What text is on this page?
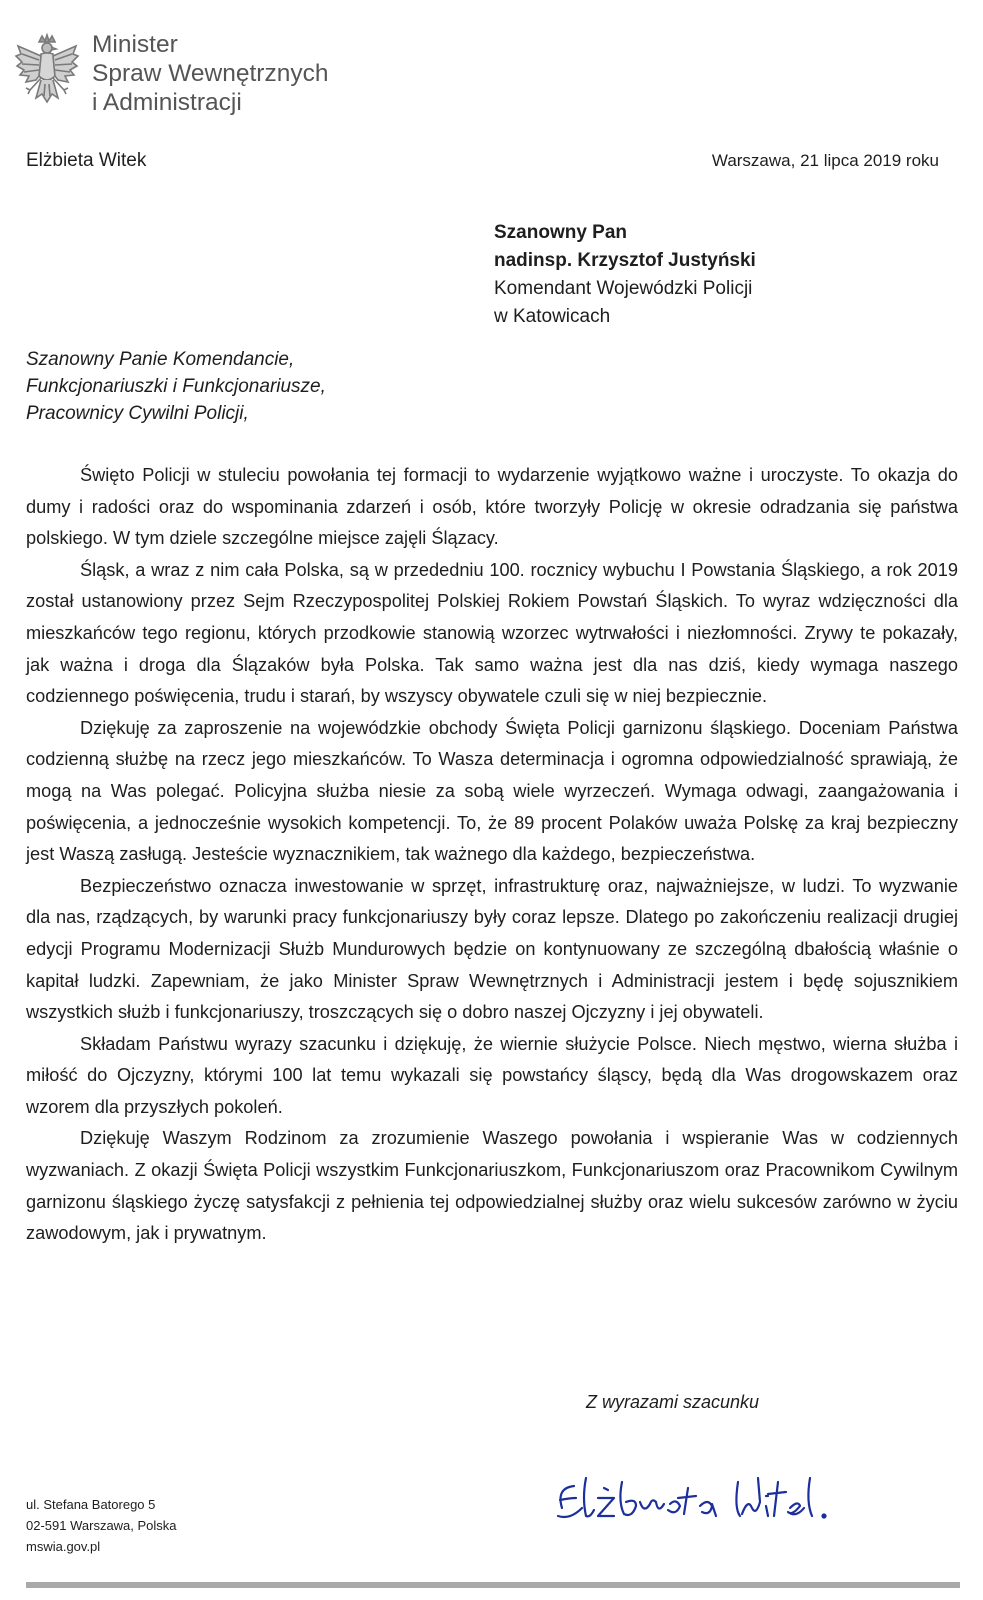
Minister
Spraw Wewnętrznych
i Administracji
Elżbieta Witek	Warszawa, 21 lipca 2019 roku
Szanowny Pan
nadinsp. Krzysztof Justyński
Komendant Wojewódzki Policji
w Katowicach
Szanowny Panie Komendancie,
Funkcjonariuszki i Funkcjonariusze,
Pracownicy Cywilni Policji,

Święto Policji w stuleciu powołania tej formacji to wydarzenie wyjątkowo ważne i uroczyste. To okazja do dumy i radości oraz do wspominania zdarzeń i osób, które tworzyły Policję w okresie odradzania się państwa polskiego. W tym dziele szczególne miejsce zajęli Ślązacy.

Śląsk, a wraz z nim cała Polska, są w przededniu 100. rocznicy wybuchu I Powstania Śląskiego, a rok 2019 został ustanowiony przez Sejm Rzeczypospolitej Polskiej Rokiem Powstań Śląskich. To wyraz wdzięczności dla mieszkańców tego regionu, których przodkowie stanowią wzorzec wytrwałości i niezłomności. Zrywy te pokazały, jak ważna i droga dla Ślązaków była Polska. Tak samo ważna jest dla nas dziś, kiedy wymaga naszego codziennego poświęcenia, trudu i starań, by wszyscy obywatele czuli się w niej bezpiecznie.

Dziękuję za zaproszenie na wojewódzkie obchody Święta Policji garnizonu śląskiego. Doceniam Państwa codzienną służbę na rzecz jego mieszkańców. To Wasza determinacja i ogromna odpowiedzialność sprawiają, że mogą na Was polegać. Policyjna służba niesie za sobą wiele wyrzeczeń. Wymaga odwagi, zaangażowania i poświęcenia, a jednocześnie wysokich kompetencji. To, że 89 procent Polaków uważa Polskę za kraj bezpieczny jest Waszą zasługą. Jesteście wyznacznikiem, tak ważnego dla każdego, bezpieczeństwa.

Bezpieczeństwo oznacza inwestowanie w sprzęt, infrastrukturę oraz, najważniejsze, w ludzi. To wyzwanie dla nas, rządzących, by warunki pracy funkcjonariuszy były coraz lepsze. Dlatego po zakończeniu realizacji drugiej edycji Programu Modernizacji Służb Mundurowych będzie on kontynuowany ze szczególną dbałością właśnie o kapitał ludzki. Zapewniam, że jako Minister Spraw Wewnętrznych i Administracji jestem i będę sojusznikiem wszystkich służb i funkcjonariuszy, troszczących się o dobro naszej Ojczyzny i jej obywateli.

Składam Państwu wyrazy szacunku i dziękuję, że wiernie służycie Polsce. Niech męstwo, wierna służba i miłość do Ojczyzny, którymi 100 lat temu wykazali się powstańcy śląscy, będą dla Was drogowskazem oraz wzorem dla przyszłych pokoleń.

Dziękuję Waszym Rodzinom za zrozumienie Waszego powołania i wspieranie Was w codziennych wyzwaniach. Z okazji Święta Policji wszystkim Funkcjonariuszkom, Funkcjonariuszom oraz Pracownikom Cywilnym garnizonu śląskiego życzę satysfakcji z pełnienia tej odpowiedzialnej służby oraz wielu sukcesów zarówno w życiu zawodowym, jak i prywatnym.

Z wyrazami szacunku
ul. Stefana Batorego 5
02-591 Warszawa, Polska
mswia.gov.pl
